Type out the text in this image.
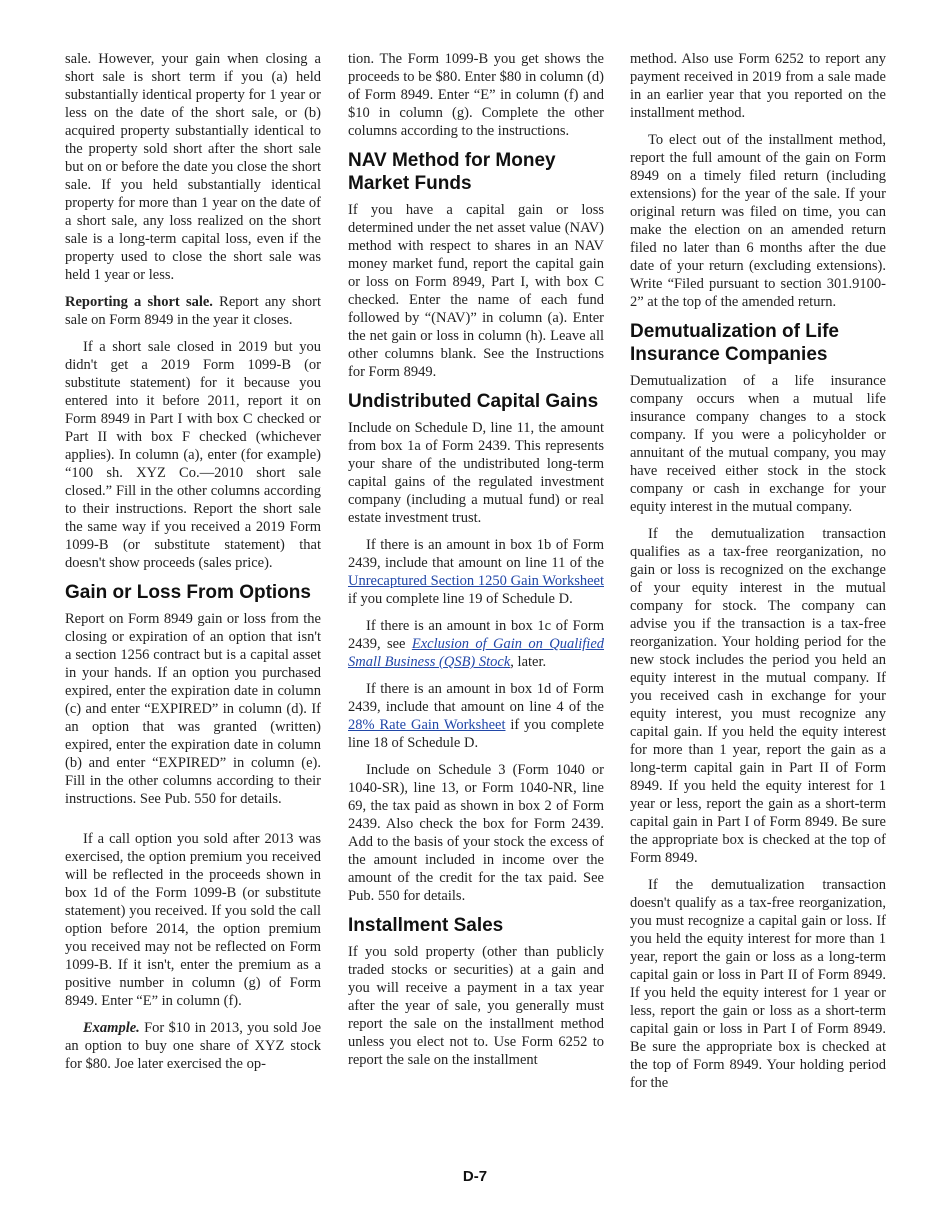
sale. However, your gain when closing a short sale is short term if you (a) held substantially identical property for 1 year or less on the date of the short sale, or (b) acquired property substantially identical to the property sold short after the short sale but on or before the date you close the short sale. If you held substantially identical property for more than 1 year on the date of a short sale, any loss realized on the short sale is a long-term capital loss, even if the property used to close the short sale was held 1 year or less.

Reporting a short sale. Report any short sale on Form 8949 in the year it closes.

If a short sale closed in 2019 but you didn't get a 2019 Form 1099-B (or substitute statement) for it because you entered into it before 2011, report it on Form 8949 in Part I with box C checked or Part II with box F checked (whichever applies). In column (a), enter (for example) “100 sh. XYZ Co.—2010 short sale closed.” Fill in the other columns according to their instructions. Report the short sale the same way if you received a 2019 Form 1099-B (or substitute statement) that doesn't show proceeds (sales price).

Gain or Loss From Options

Report on Form 8949 gain or loss from the closing or expiration of an option that isn't a section 1256 contract but is a capital asset in your hands. If an option you purchased expired, enter the expiration date in column (c) and enter “EXPIRED” in column (d). If an option that was granted (written) expired, enter the expiration date in column (b) and enter “EXPIRED” in column (e). Fill in the other columns according to their instructions. See Pub. 550 for details.

If a call option you sold after 2013 was exercised, the option premium you received will be reflected in the proceeds shown in box 1d of the Form 1099-B (or substitute statement) you received. If you sold the call option before 2014, the option premium you received may not be reflected on Form 1099-B. If it isn't, enter the premium as a positive number in column (g) of Form 8949. Enter “E” in column (f).

Example. For $10 in 2013, you sold Joe an option to buy one share of XYZ stock for $80. Joe later exercised the op-

tion. The Form 1099-B you get shows the proceeds to be $80. Enter $80 in column (d) of Form 8949. Enter “E” in column (f) and $10 in column (g). Complete the other columns according to the instructions.

NAV Method for Money Market Funds

If you have a capital gain or loss determined under the net asset value (NAV) method with respect to shares in an NAV money market fund, report the capital gain or loss on Form 8949, Part I, with box C checked. Enter the name of each fund followed by “(NAV)” in column (a). Enter the net gain or loss in column (h). Leave all other columns blank. See the Instructions for Form 8949.

Undistributed Capital Gains

Include on Schedule D, line 11, the amount from box 1a of Form 2439. This represents your share of the undistributed long-term capital gains of the regulated investment company (including a mutual fund) or real estate investment trust.

If there is an amount in box 1b of Form 2439, include that amount on line 11 of the Unrecaptured Section 1250 Gain Worksheet if you complete line 19 of Schedule D.

If there is an amount in box 1c of Form 2439, see Exclusion of Gain on Qualified Small Business (QSB) Stock, later.

If there is an amount in box 1d of Form 2439, include that amount on line 4 of the 28% Rate Gain Worksheet if you complete line 18 of Schedule D.

Include on Schedule 3 (Form 1040 or 1040-SR), line 13, or Form 1040-NR, line 69, the tax paid as shown in box 2 of Form 2439. Also check the box for Form 2439. Add to the basis of your stock the excess of the amount included in income over the amount of the credit for the tax paid. See Pub. 550 for details.

Installment Sales

If you sold property (other than publicly traded stocks or securities) at a gain and you will receive a payment in a tax year after the year of sale, you generally must report the sale on the installment method unless you elect not to. Use Form 6252 to report the sale on the installment

method. Also use Form 6252 to report any payment received in 2019 from a sale made in an earlier year that you reported on the installment method.

To elect out of the installment method, report the full amount of the gain on Form 8949 on a timely filed return (including extensions) for the year of the sale. If your original return was filed on time, you can make the election on an amended return filed no later than 6 months after the due date of your return (excluding extensions). Write “Filed pursuant to section 301.9100-2” at the top of the amended return.

Demutualization of Life Insurance Companies

Demutualization of a life insurance company occurs when a mutual life insurance company changes to a stock company. If you were a policyholder or annuitant of the mutual company, you may have received either stock in the stock company or cash in exchange for your equity interest in the mutual company.

If the demutualization transaction qualifies as a tax-free reorganization, no gain or loss is recognized on the exchange of your equity interest in the mutual company for stock. The company can advise you if the transaction is a tax-free reorganization. Your holding period for the new stock includes the period you held an equity interest in the mutual company. If you received cash in exchange for your equity interest, you must recognize any capital gain. If you held the equity interest for more than 1 year, report the gain as a long-term capital gain in Part II of Form 8949. If you held the equity interest for 1 year or less, report the gain as a short-term capital gain in Part I of Form 8949. Be sure the appropriate box is checked at the top of Form 8949.

If the demutualization transaction doesn't qualify as a tax-free reorganization, you must recognize a capital gain or loss. If you held the equity interest for more than 1 year, report the gain or loss as a long-term capital gain or loss in Part II of Form 8949. If you held the equity interest for 1 year or less, report the gain or loss as a short-term capital gain or loss in Part I of Form 8949. Be sure the appropriate box is checked at the top of Form 8949. Your holding period for the

D-7
